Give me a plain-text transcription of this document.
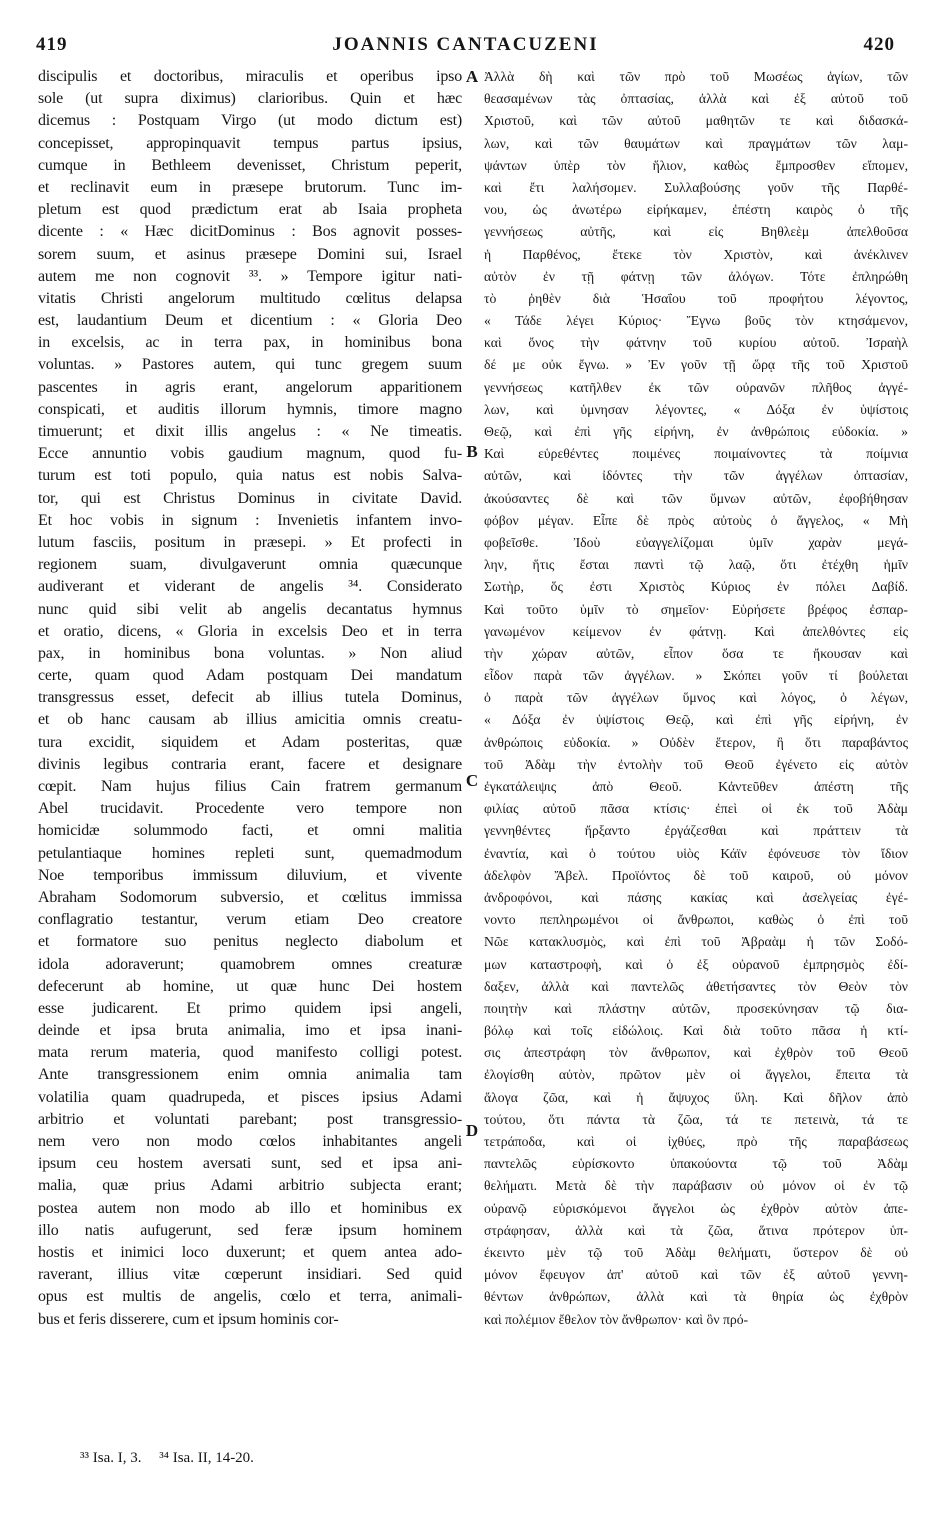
419	JOANNIS CANTACUZENI	420
discipulis et doctoribus, miraculis et operibus ipso
sole (ut supra diximus) clarioribus. Quin et hæc
dicemus : Postquam Virgo (ut modo dictum est)
concepisset, appropinquavit tempus partus ipsius,
cumque in Bethleem devenisset, Christum peperit,
et reclinavit eum in præsepe brutorum. Tunc im-
pletum est quod prædictum erat ab Isaia propheta
dicente : « Hæc dicitDominus : Bos agnovit posses-
sorem suum, et asinus præsepe Domini sui, Israel
autem me non cognovit ³³. » Tempore igitur nati-
vitatis Christi angelorum multitudo cœlitus delapsa
est, laudantium Deum et dicentium : « Gloria Deo
in excelsis, ac in terra pax, in hominibus bona
voluntas. » Pastores autem, qui tunc gregem suum
pascentes in agris erant, angelorum apparitionem
conspicati, et auditis illorum hymnis, timore magno
timuerunt; et dixit illis angelus : « Ne timeatis.
Ecce annuntio vobis gaudium magnum, quod fu-
turum est toti populo, quia natus est nobis Salva-
tor, qui est Christus Dominus in civitate David.
Et hoc vobis in signum : Invenietis infantem invo-
lutum fasciis, positum in præsepi. » Et profecti in
regionem suam, divulgaverunt omnia quæcunque
audiverant et viderant de angelis ³⁴. Considerato
nunc quid sibi velit ab angelis decantatus hymnus
et oratio, dicens, « Gloria in excelsis Deo et in terra
pax, in hominibus bona voluntas. » Non aliud
certe, quam quod Adam postquam Dei mandatum
transgressus esset, defecit ab illius tutela Dominus,
et ob hanc causam ab illius amicitia omnis creatu-
tura excidit, siquidem et Adam posteritas, quæ
divinis legibus contraria erant, facere et designare
cœpit. Nam hujus filius Cain fratrem germanum
Abel trucidavit. Procedente vero tempore non
homicidæ solummodo facti, et omni malitia
petulantiaque homines repleti sunt, quemadmodum
Noe temporibus immissum diluvium, et vivente
Abraham Sodomorum subversio, et cœlitus immissa
conflagratio testantur, verum etiam Deo creatore
et formatore suo penitus neglecto diabolum et
idola adoraverunt; quamobrem omnes creaturæ
defecerunt ab homine, ut quæ hunc Dei hostem
esse judicarent. Et primo quidem ipsi angeli,
deinde et ipsa bruta animalia, imo et ipsa inani-
mata rerum materia, quod manifesto colligi potest.
Ante transgressionem enim omnia animalia tam
volatilia quam quadrupeda, et pisces ipsius Adami
arbitrio et voluntati parebant; post transgressio-
nem vero non modo cœlos inhabitantes angeli
ipsum ceu hostem aversati sunt, sed et ipsa ani-
malia, quæ prius Adami arbitrio subjecta erant;
postea autem non modo ab illo et hominibus ex
illo natis aufugerunt, sed feræ ipsum hominem
hostis et inimici loco duxerunt; et quem antea ado-
raverant, illius vitæ cœperunt insidiari. Sed quid
opus est multis de angelis, cœlo et terra, animali-
bus et feris disserere, cum et ipsum hominis cor-
A
B
C
D
Ἀλλὰ δὴ καὶ τῶν πρὸ τοῦ Μωσέως ἁγίων, τῶν
θεασαμένων τὰς ὀπτασίας, ἀλλὰ καὶ ἐξ αὐτοῦ τοῦ
Χριστοῦ, καὶ τῶν αὐτοῦ μαθητῶν τε καὶ διδασκά-
λων, καὶ τῶν θαυμάτων καὶ πραγμάτων τῶν λαμ-
ψάντων ὑπὲρ τὸν ἥλιον, καθὼς ἔμπροσθεν εἴπομεν,
καὶ ἔτι λαλήσομεν. Συλλαβούσης γοῦν τῆς Παρθέ-
νου, ὡς ἀνωτέρω εἰρήκαμεν, ἐπέστη καιρὸς ὁ τῆς
γεννήσεως αὐτῆς, καὶ εἰς Βηθλεὲμ ἀπελθοῦσα
ἡ Παρθένος, ἔτεκε τὸν Χριστὸν, καὶ ἀνέκλινεν
αὐτὸν ἐν τῇ φάτνῃ τῶν ἀλόγων. Τότε ἐπληρώθη
τὸ ῥηθὲν διὰ Ἡσαΐου τοῦ προφήτου λέγοντος,
« Τάδε λέγει Κύριος· Ἔγνω βοῦς τὸν κτησάμενον,
καὶ ὄνος τὴν φάτνην τοῦ κυρίου αὐτοῦ. Ἰσραὴλ
δέ με οὐκ ἔγνω. » Ἐν γοῦν τῇ ὥρᾳ τῆς τοῦ Χριστοῦ
γεννήσεως κατῆλθεν ἐκ τῶν οὐρανῶν πλῆθος ἀγγέ-
λων, καὶ ὑμνησαν λέγοντες, « Δόξα ἐν ὑψίστοις
Θεῷ, καὶ ἐπὶ γῆς εἰρήνη, ἐν ἀνθρώποις εὐδοκία. »
Καὶ εὑρεθέντες ποιμένες ποιμαίνοντες τὰ ποίμνια
αὐτῶν, καὶ ἰδόντες τὴν τῶν ἀγγέλων ὀπτασίαν,
ἀκούσαντες δὲ καὶ τῶν ὕμνων αὐτῶν, ἐφοβήθησαν
φόβον μέγαν. Εἶπε δὲ πρὸς αὐτοὺς ὁ ἄγγελος, « Μὴ
φοβεῖσθε. Ἰδοὺ εὐαγγελίζομαι ὑμῖν χαρὰν μεγά-
λην, ἥτις ἔσται παντὶ τῷ λαῷ, ὅτι ἐτέχθη ἡμῖν
Σωτὴρ, ὅς ἐστι Χριστὸς Κύριος ἐν πόλει Δαβίδ.
Καὶ τοῦτο ὑμῖν τὸ σημεῖον· Εὑρήσετε βρέφος ἐσπαρ-
γανωμένον κείμενον ἐν φάτνῃ. Καὶ ἀπελθόντες εἰς
τὴν χώραν αὐτῶν, εἶπον ὅσα τε ἤκουσαν καὶ
εἶδον παρὰ τῶν ἀγγέλων. » Σκόπει γοῦν τί βούλεται
ὁ παρὰ τῶν ἀγγέλων ὕμνος καὶ λόγος, ὁ λέγων,
« Δόξα ἐν ὑψίστοις Θεῷ, καὶ ἐπὶ γῆς εἰρήνη, ἐν
ἀνθρώποις εὐδοκία. » Οὐδὲν ἕτερον, ἢ ὅτι παραβάντος
τοῦ Ἀδὰμ τὴν ἐντολὴν τοῦ Θεοῦ ἐγένετο εἰς αὐτὸν
ἐγκατάλειψις ἀπὸ Θεοῦ. Κἀντεῦθεν ἀπέστη τῆς
φιλίας αὐτοῦ πᾶσα κτίσις· ἐπεὶ οἱ ἐκ τοῦ Ἀδὰμ
γεννηθέντες ἤρξαντο ἐργάζεσθαι καὶ πράττειν τὰ
ἐναντία, καὶ ὁ τούτου υἱὸς Κάϊν ἐφόνευσε τὸν ἴδιον
ἀδελφὸν Ἄβελ. Προϊόντος δὲ τοῦ καιροῦ, οὐ μόνον
ἀνδροφόνοι, καὶ πάσης κακίας καὶ ἀσελγείας ἐγέ-
νοντο πεπληρωμένοι οἱ ἄνθρωποι, καθὼς ὁ ἐπὶ τοῦ
Νῶε κατακλυσμὸς, καὶ ἐπὶ τοῦ Ἀβραὰμ ἡ τῶν Σοδό-
μων καταστροφὴ, καὶ ὁ ἐξ οὐρανοῦ ἐμπρησμὸς ἐδί-
δαξεν, ἀλλὰ καὶ παντελῶς ἀθετήσαντες τὸν Θεὸν τὸν
ποιητὴν καὶ πλάστην αὐτῶν, προσεκύνησαν τῷ δια-
βόλῳ καὶ τοῖς εἰδώλοις. Καὶ διὰ τοῦτο πᾶσα ἡ κτί-
σις ἀπεστράφη τὸν ἄνθρωπον, καὶ ἐχθρὸν τοῦ Θεοῦ
ἐλογίσθη αὐτὸν, πρῶτον μὲν οἱ ἄγγελοι, ἔπειτα τὰ
ἄλογα ζῶα, καὶ ἡ ἄψυχος ὕλη. Καὶ δῆλον ἀπὸ
τούτου, ὅτι πάντα τὰ ζῶα, τά τε πετεινὰ, τά τε
τετράποδα, καὶ οἱ ἰχθύες, πρὸ τῆς παραβάσεως
παντελῶς εὑρίσκοντο ὑπακούοντα τῷ τοῦ Ἀδὰμ
θελήματι. Μετὰ δὲ τὴν παράβασιν οὐ μόνον οἱ ἐν τῷ
οὐρανῷ εὑρισκόμενοι ἄγγελοι ὡς ἐχθρὸν αὐτὸν ἀπε-
στράφησαν, ἀλλὰ καὶ τὰ ζῶα, ἅτινα πρότερον ὑπ-
έκειντο μὲν τῷ τοῦ Ἀδὰμ θελήματι, ὕστερον δὲ οὐ
μόνον ἔφευγον ἀπ' αὐτοῦ καὶ τῶν ἐξ αὐτοῦ γεννη-
θέντων ἀνθρώπων, ἀλλὰ καὶ τὰ θηρία ὡς ἐχθρὸν
καὶ πολέμιον ἔθελον τὸν ἄνθρωπον· καὶ ὃν πρό-
³³ Isa. I, 3. ³⁴ Isa. II, 14-20.
